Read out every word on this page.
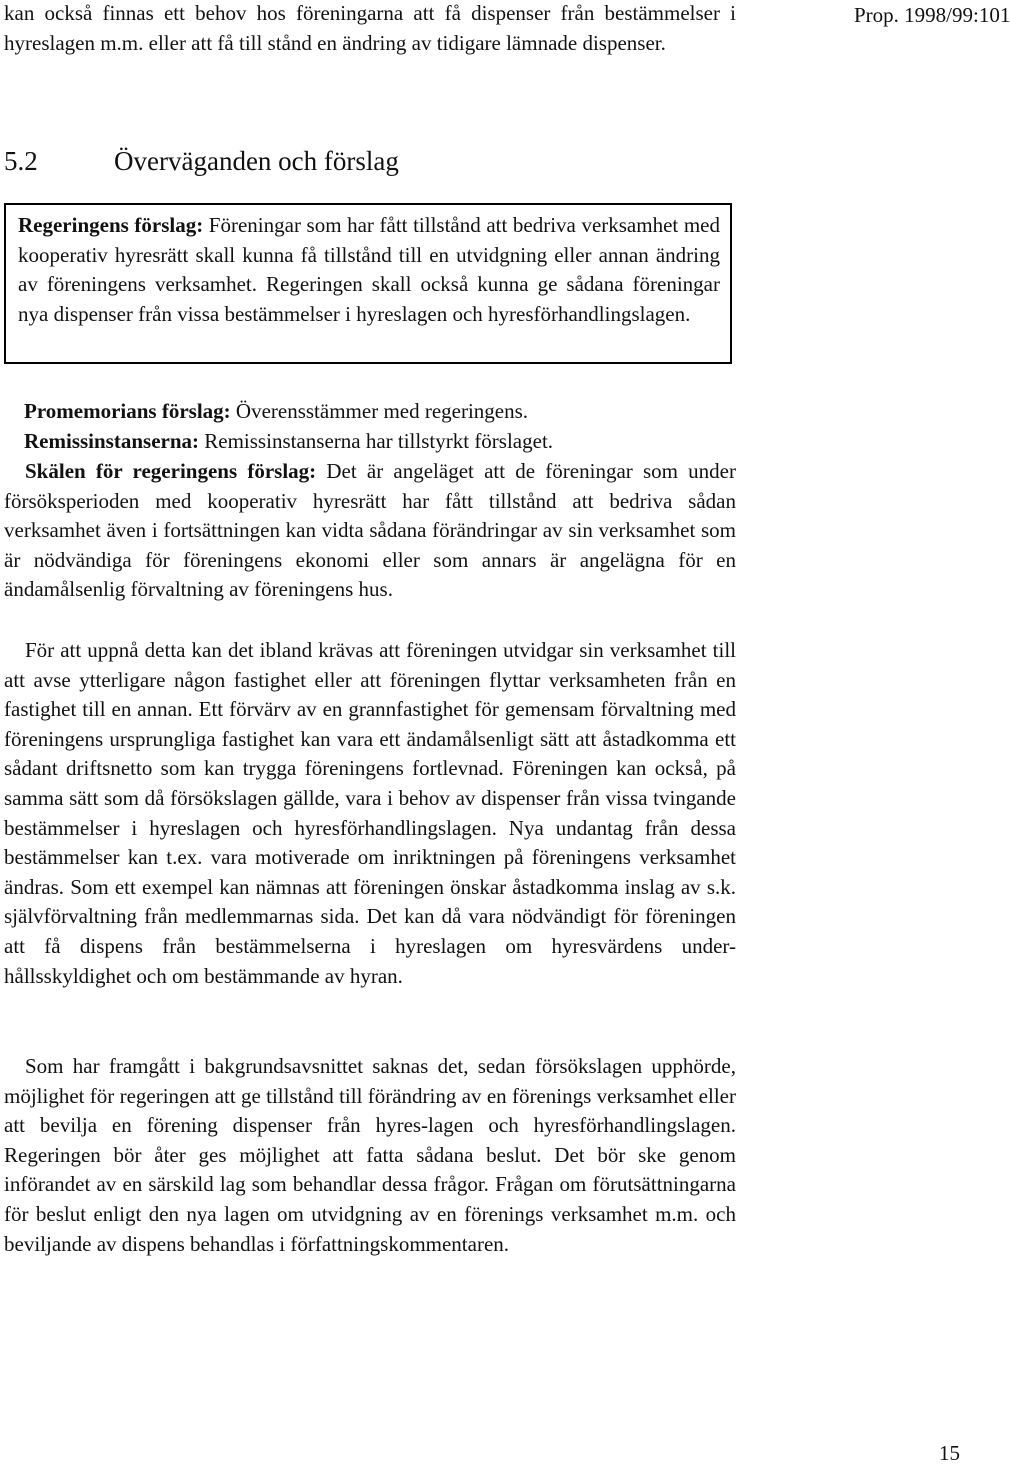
Prop. 1998/99:101

kan också finnas ett behov hos föreningarna att få dispenser från bestämmelser i hyreslagen m.m. eller att få till stånd en ändring av tidigare lämnade dispenser.

5.2	Överväganden och förslag

Regeringens förslag: Föreningar som har fått tillstånd att bedriva verksamhet med kooperativ hyresrätt skall kunna få tillstånd till en utvidgning eller annan ändring av föreningens verksamhet. Regeringen skall också kunna ge sådana föreningar nya dispenser från vissa bestämmelser i hyreslagen och hyresförhandlingslagen.

Promemorians förslag: Överensstämmer med regeringens.

Remissinstanserna: Remissinstanserna har tillstyrkt förslaget.

Skälen för regeringens förslag: Det är angeläget att de föreningar som under försöksperioden med kooperativ hyresrätt har fått tillstånd att bedriva sådan verksamhet även i fortsättningen kan vidta sådana förändringar av sin verksamhet som är nödvändiga för föreningens ekonomi eller som annars är angelägna för en ändamålsenlig förvaltning av föreningens hus.

För att uppnå detta kan det ibland krävas att föreningen utvidgar sin verksamhet till att avse ytterligare någon fastighet eller att föreningen flyttar verksamheten från en fastighet till en annan. Ett förvärv av en grannfastighet för gemensam förvaltning med föreningens ursprungliga fastighet kan vara ett ändamålsenligt sätt att åstadkomma ett sådant driftsnetto som kan trygga föreningens fortlevnad. Föreningen kan också, på samma sätt som då försökslagen gällde, vara i behov av dispenser från vissa tvingande bestämmelser i hyreslagen och hyresförhandlingslagen. Nya undantag från dessa bestämmelser kan t.ex. vara motiverade om inriktningen på föreningens verksamhet ändras. Som ett exempel kan nämnas att föreningen önskar åstadkomma inslag av s.k. självförvaltning från medlemmarnas sida. Det kan då vara nödvändigt för föreningen att få dispens från bestämmelserna i hyreslagen om hyresvärdens under-hållsskyldighet och om bestämmande av hyran.

Som har framgått i bakgrundsavsnittet saknas det, sedan försökslagen upphörde, möjlighet för regeringen att ge tillstånd till förändring av en förenings verksamhet eller att bevilja en förening dispenser från hyres-lagen och hyresförhandlingslagen. Regeringen bör åter ges möjlighet att fatta sådana beslut. Det bör ske genom införandet av en särskild lag som behandlar dessa frågor. Frågan om förutsättningarna för beslut enligt den nya lagen om utvidgning av en förenings verksamhet m.m. och beviljande av dispens behandlas i författningskommentaren.

15
